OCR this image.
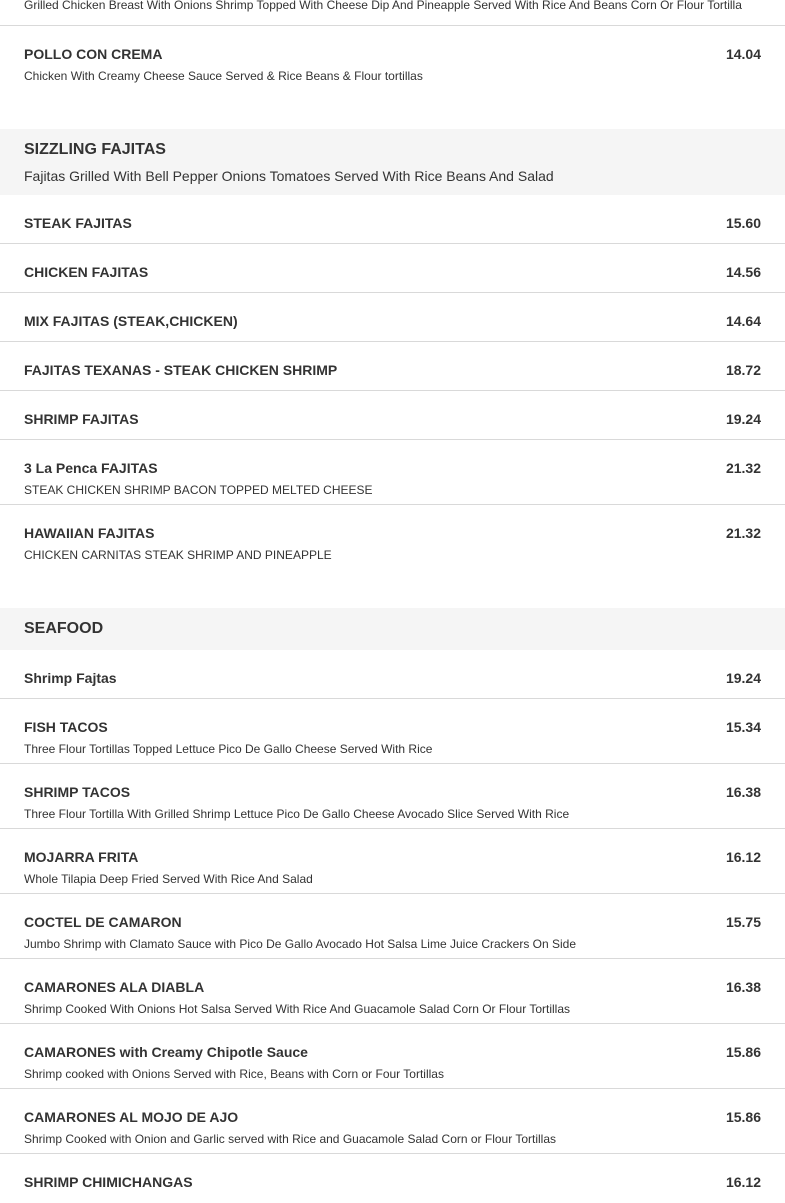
Grilled Chicken Breast With Onions Shrimp Topped With Cheese Dip And Pineapple Served With Rice And Beans Corn Or Flour Tortilla
POLLO CON CREMA	14.04
Chicken With Creamy Cheese Sauce Served & Rice Beans & Flour tortillas
SIZZLING FAJITAS
Fajitas Grilled With Bell Pepper Onions Tomatoes Served With Rice Beans And Salad
STEAK FAJITAS	15.60
CHICKEN FAJITAS	14.56
MIX FAJITAS (STEAK,CHICKEN)	14.64
FAJITAS TEXANAS - STEAK CHICKEN SHRIMP	18.72
SHRIMP FAJITAS	19.24
3 La Penca FAJITAS	21.32
STEAK CHICKEN SHRIMP BACON TOPPED MELTED CHEESE
HAWAIIAN FAJITAS	21.32
CHICKEN CARNITAS STEAK SHRIMP AND PINEAPPLE
SEAFOOD
Shrimp Fajtas	19.24
FISH TACOS	15.34
Three Flour Tortillas Topped Lettuce Pico De Gallo Cheese Served With Rice
SHRIMP TACOS	16.38
Three Flour Tortilla With Grilled Shrimp Lettuce Pico De Gallo Cheese Avocado Slice Served With Rice
MOJARRA FRITA	16.12
Whole Tilapia Deep Fried Served With Rice And Salad
COCTEL DE CAMARON	15.75
Jumbo Shrimp with Clamato Sauce with Pico De Gallo Avocado Hot Salsa Lime Juice Crackers On Side
CAMARONES ALA DIABLA	16.38
Shrimp Cooked With Onions Hot Salsa Served With Rice And Guacamole Salad Corn Or Flour Tortillas
CAMARONES with Creamy Chipotle Sauce	15.86
Shrimp cooked with Onions Served with Rice, Beans with Corn or Four Tortillas
CAMARONES AL MOJO DE AJO	15.86
Shrimp Cooked with Onion and Garlic served with Rice and Guacamole Salad Corn or Flour Tortillas
SHRIMP CHIMICHANGAS	16.12
